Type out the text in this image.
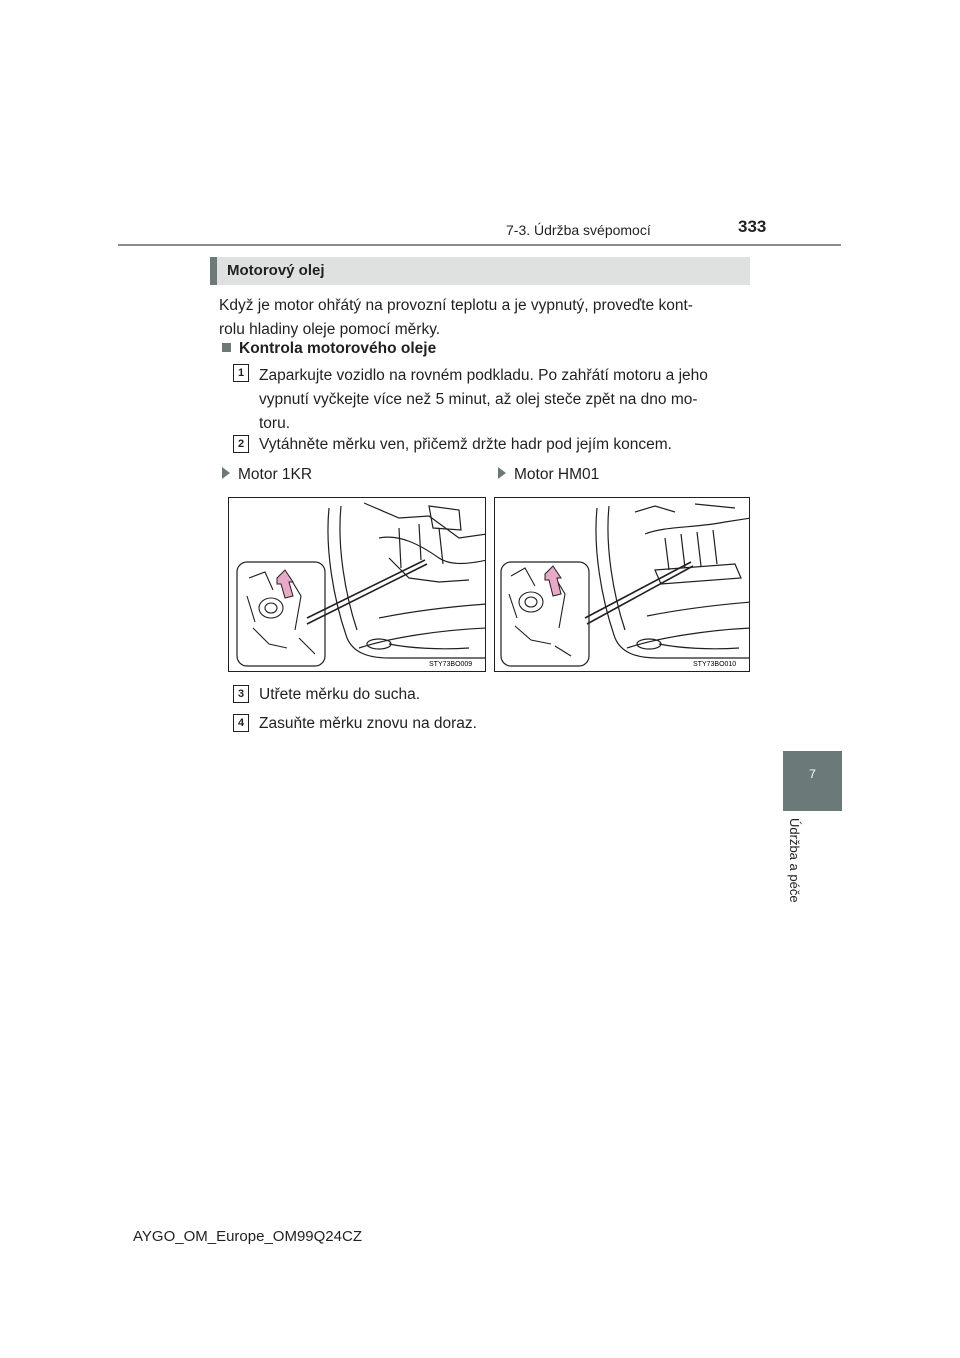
7-3. Údržba svépomocí	333
7
Údržba a péče
Motorový olej
Když je motor ohřátý na provozní teplotu a je vypnutý, proveďte kont-
rolu hladiny oleje pomocí měrky.
Kontrola motorového oleje
1 Zaparkujte vozidlo na rovném podkladu. Po zahřátí motoru a jeho
vypnutí vyčkejte více než 5 minut, až olej steče zpět na dno mo-
toru.
2 Vytáhněte měrku ven, přičemž držte hadr pod jejím koncem.
Motor 1KR	Motor HM01
STY73BO009	STY73BO010
3 Utřete měrku do sucha.
4 Zasuňte měrku znovu na doraz.
AYGO_OM_Europe_OM99Q24CZ
